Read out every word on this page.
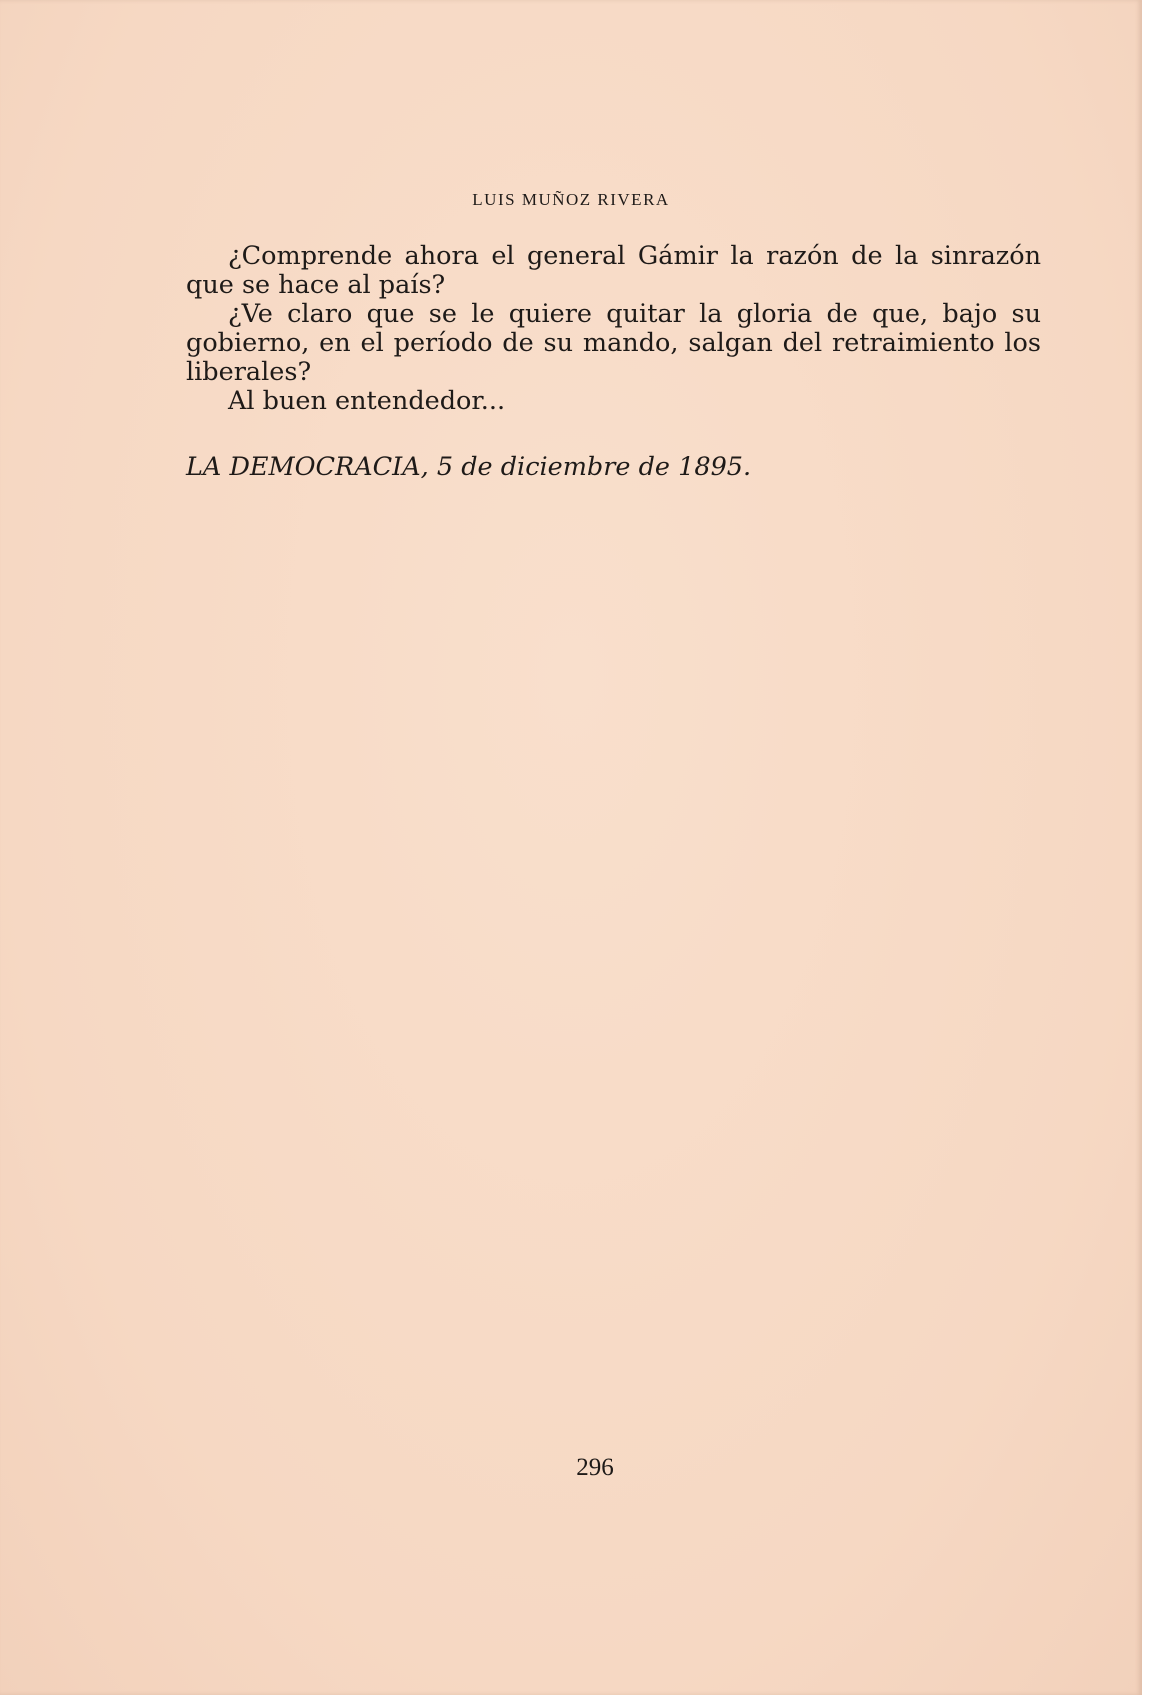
LUIS MUÑOZ RIVERA

¿Comprende ahora el general Gámir la razón de la sinrazón que se hace al país?

¿Ve claro que se le quiere quitar la gloria de que, bajo su gobierno, en el período de su mando, salgan del retraimiento los liberales?

Al buen entendedor...

LA DEMOCRACIA, 5 de diciembre de 1895.
296
